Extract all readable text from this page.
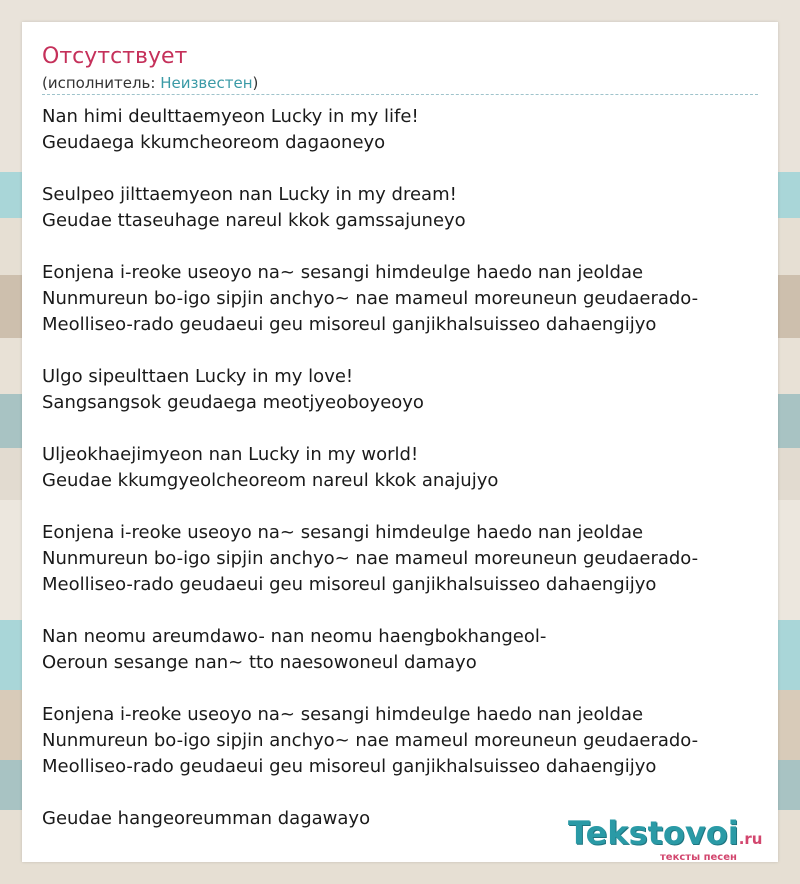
Отсутствует
(исполнитель: Неизвестен)
Nan himi deulttaemyeon Lucky in my life!
Geudaega kkumcheoreom dagaoneyo
Seulpeo jilttaemyeon nan Lucky in my dream!
Geudae ttaseuhage nareul kkok gamssajuneyo
Eonjena i-reoke useoyo na~ sesangi himdeulge haedo nan jeoldae
Nunmureun bo-igo sipjin anchyo~ nae mameul moreuneun geudaerado-
Meolliseo-rado geudaeui geu misoreul ganjikhalsuisseo dahaengijyo
Ulgo sipeulttaen Lucky in my love!
Sangsangsok geudaega meotjyeoboyeoyo
Uljeokhaejimyeon nan Lucky in my world!
Geudae kkumgyeolcheoreom nareul kkok anajujyo
Eonjena i-reoke useoyo na~ sesangi himdeulge haedo nan jeoldae
Nunmureun bo-igo sipjin anchyo~ nae mameul moreuneun geudaerado-
Meolliseo-rado geudaeui geu misoreul ganjikhalsuisseo dahaengijyo
Nan neomu areumdawo- nan neomu haengbokhangeol-
Oeroun sesange nan~ tto naesowoneul damayo
Eonjena i-reoke useoyo na~ sesangi himdeulge haedo nan jeoldae
Nunmureun bo-igo sipjin anchyo~ nae mameul moreuneun geudaerado-
Meolliseo-rado geudaeui geu misoreul ganjikhalsuisseo dahaengijyo
Geudae hangeoreumman dagawayo	Tekstovoi.ru
тексты песен
